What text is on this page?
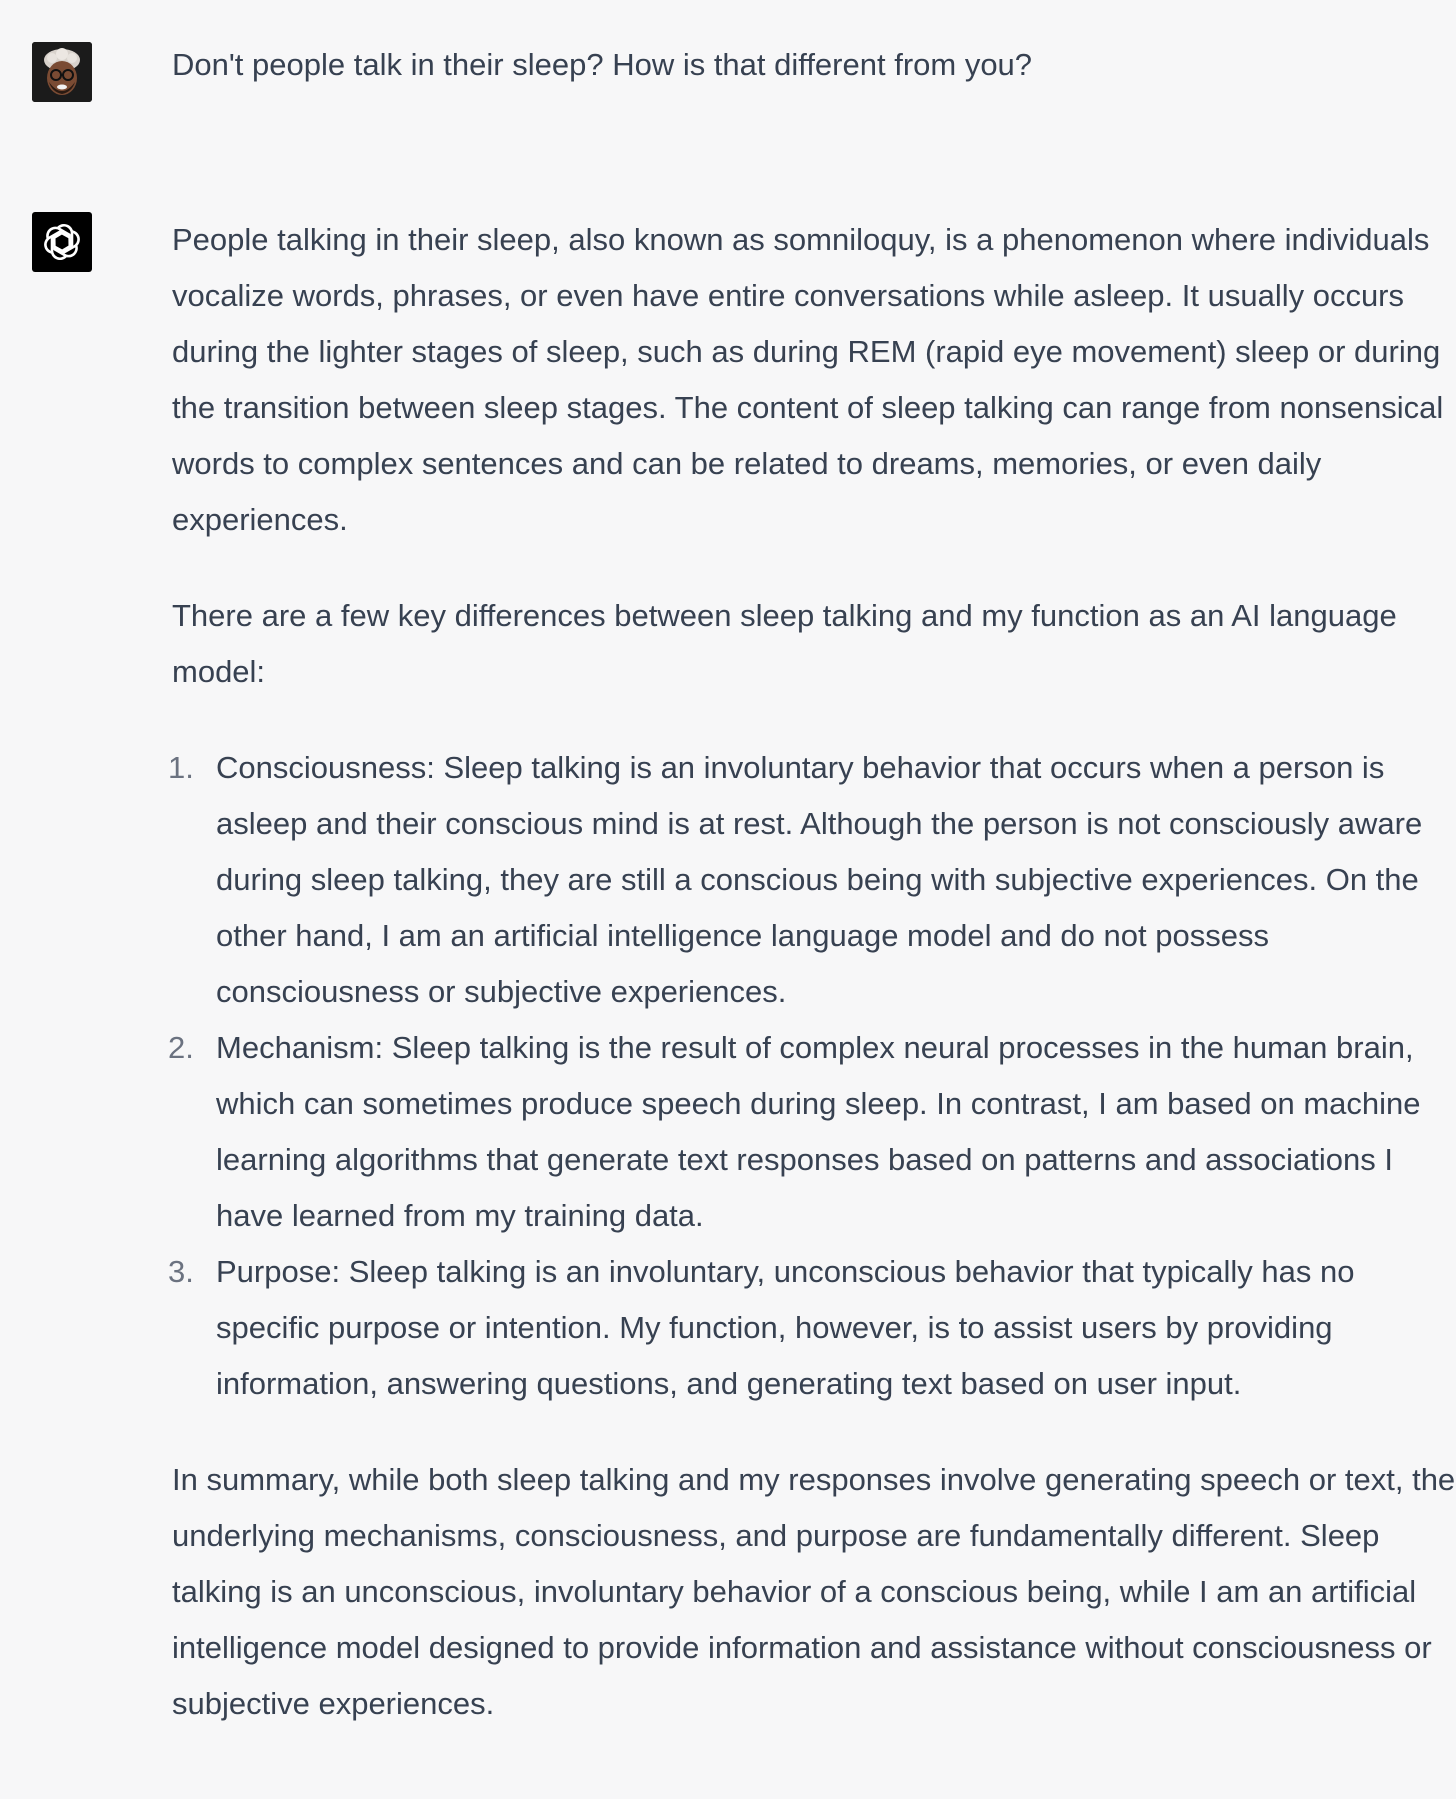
Don't people talk in their sleep? How is that different from you?

People talking in their sleep, also known as somniloquy, is a phenomenon where individuals vocalize words, phrases, or even have entire conversations while asleep. It usually occurs during the lighter stages of sleep, such as during REM (rapid eye movement) sleep or during the transition between sleep stages. The content of sleep talking can range from nonsensical words to complex sentences and can be related to dreams, memories, or even daily experiences.

There are a few key differences between sleep talking and my function as an AI language model:

1. Consciousness: Sleep talking is an involuntary behavior that occurs when a person is asleep and their conscious mind is at rest. Although the person is not consciously aware during sleep talking, they are still a conscious being with subjective experiences. On the other hand, I am an artificial intelligence language model and do not possess consciousness or subjective experiences.
2. Mechanism: Sleep talking is the result of complex neural processes in the human brain, which can sometimes produce speech during sleep. In contrast, I am based on machine learning algorithms that generate text responses based on patterns and associations I have learned from my training data.
3. Purpose: Sleep talking is an involuntary, unconscious behavior that typically has no specific purpose or intention. My function, however, is to assist users by providing information, answering questions, and generating text based on user input.

In summary, while both sleep talking and my responses involve generating speech or text, the underlying mechanisms, consciousness, and purpose are fundamentally different. Sleep talking is an unconscious, involuntary behavior of a conscious being, while I am an artificial intelligence model designed to provide information and assistance without consciousness or subjective experiences.
